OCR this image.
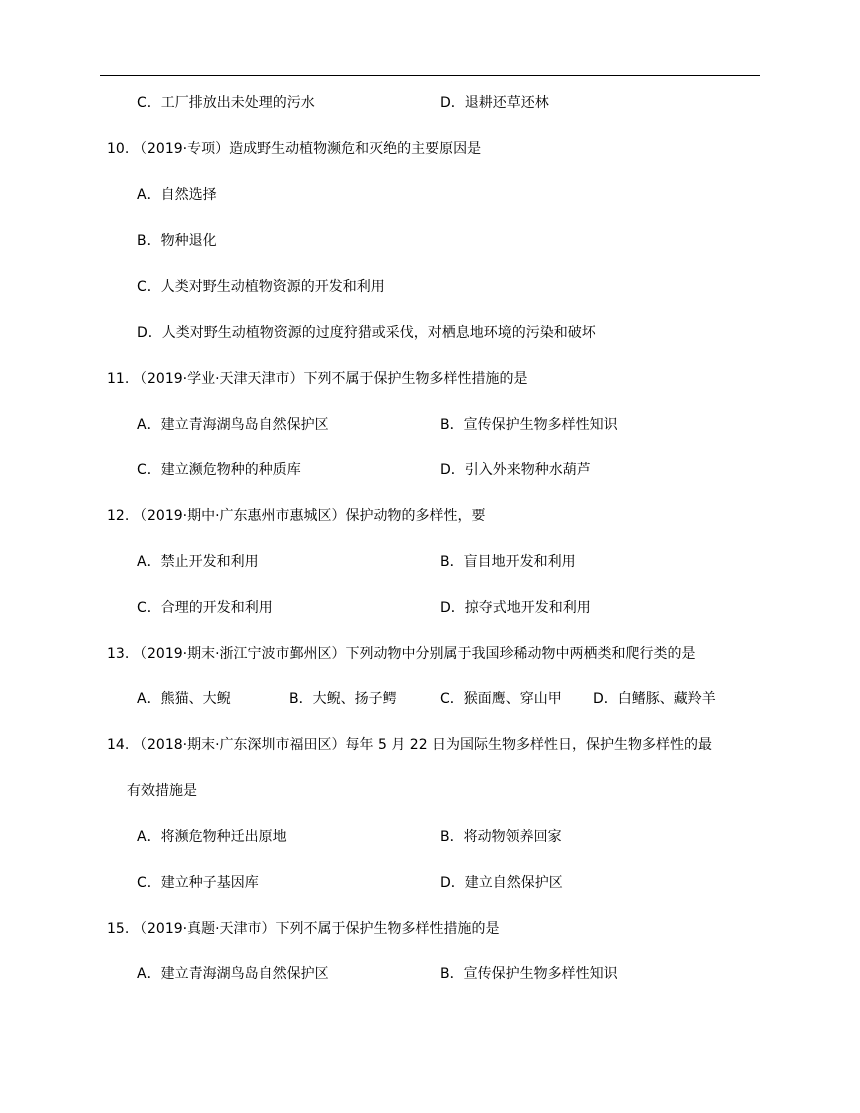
C．工厂排放出未处理的污水	D．退耕还草还林
10. （2019·专项）造成野生动植物濒危和灭绝的主要原因是
A．自然选择
B．物种退化
C．人类对野生动植物资源的开发和利用
D．人类对野生动植物资源的过度狩猎或采伐，对栖息地环境的污染和破坏
11. （2019·学业·天津天津市）下列不属于保护生物多样性措施的是
A．建立青海湖鸟岛自然保护区	B．宣传保护生物多样性知识
C．建立濒危物种的种质库	D．引入外来物种水葫芦
12. （2019·期中·广东惠州市惠城区）保护动物的多样性，要
A．禁止开发和利用	B．盲目地开发和利用
C．合理的开发和利用	D．掠夺式地开发和利用
13. （2019·期末·浙江宁波市鄞州区）下列动物中分别属于我国珍稀动物中两栖类和爬行类的是
A．熊猫、大鲵	B．大鲵、扬子鳄	C．猴面鹰、穿山甲 D．白鳍豚、藏羚羊
14. （2018·期末·广东深圳市福田区）每年 5 月 22 日为国际生物多样性日，保护生物多样性的最
有效措施是
A．将濒危物种迁出原地	B．将动物领养回家
C．建立种子基因库	D．建立自然保护区
15. （2019·真题·天津市）下列不属于保护生物多样性措施的是
A．建立青海湖鸟岛自然保护区	B．宣传保护生物多样性知识
